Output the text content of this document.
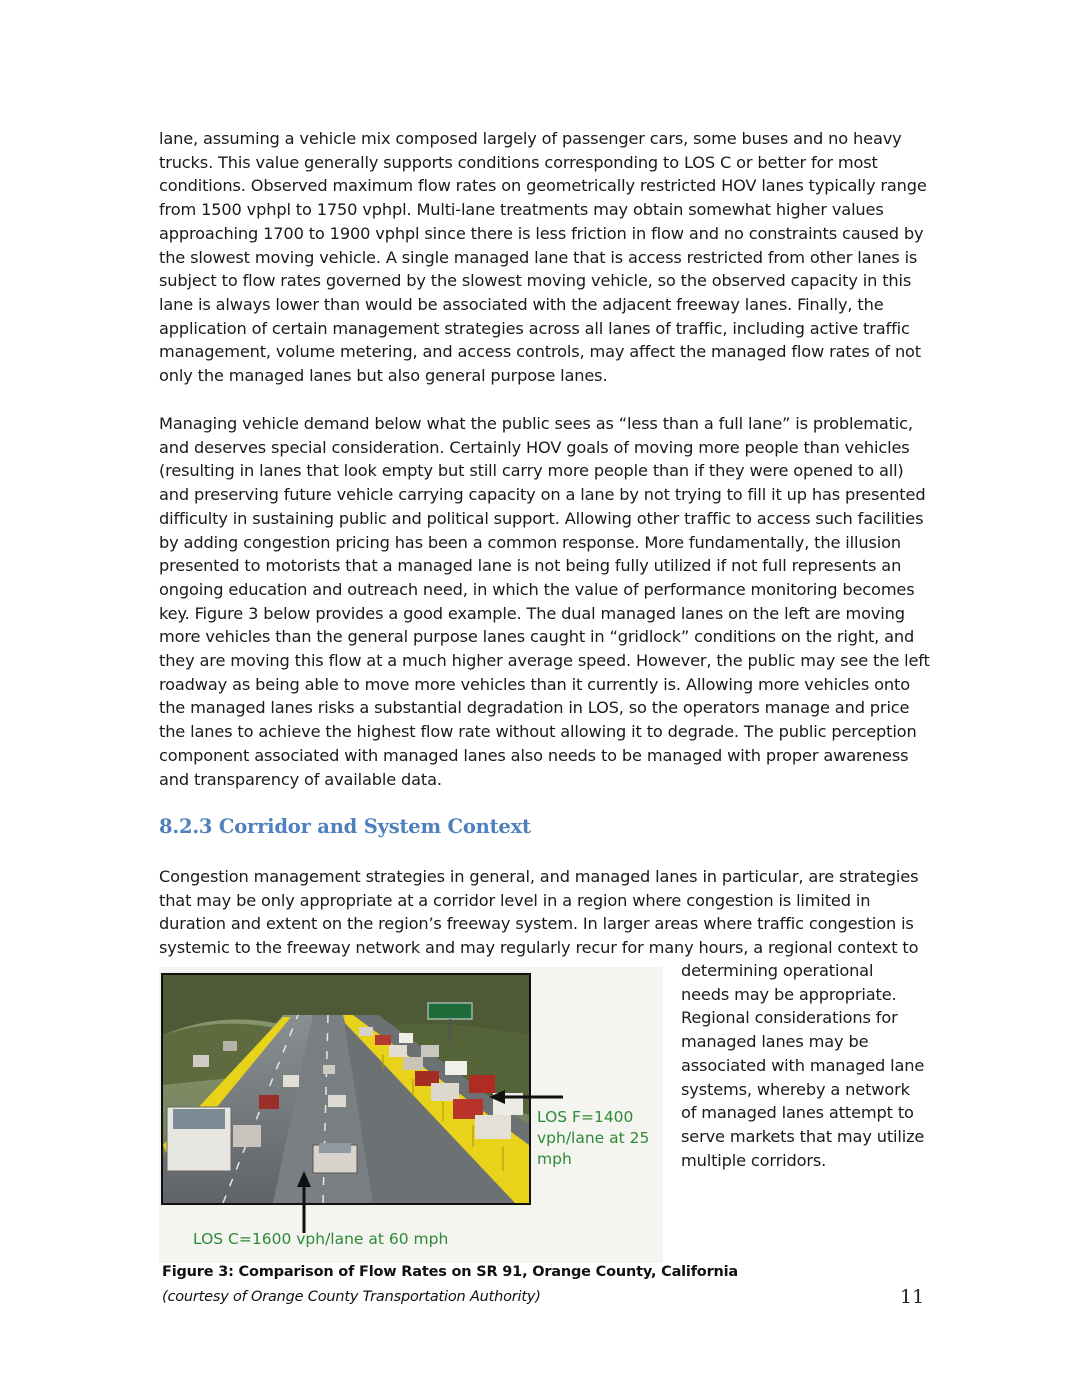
lane, assuming a vehicle mix composed largely of passenger cars, some buses and no heavy
trucks. This value generally supports conditions corresponding to LOS C or better for most
conditions. Observed maximum flow rates on geometrically restricted HOV lanes typically range
from 1500 vphpl to 1750 vphpl. Multi-lane treatments may obtain somewhat higher values
approaching 1700 to 1900 vphpl since there is less friction in flow and no constraints caused by
the slowest moving vehicle. A single managed lane that is access restricted from other lanes is
subject to flow rates governed by the slowest moving vehicle, so the observed capacity in this
lane is always lower than would be associated with the adjacent freeway lanes. Finally, the
application of certain management strategies across all lanes of traffic, including active traffic
management, volume metering, and access controls, may affect the managed flow rates of not
only the managed lanes but also general purpose lanes.

Managing vehicle demand below what the public sees as “less than a full lane” is problematic,
and deserves special consideration. Certainly HOV goals of moving more people than vehicles
(resulting in lanes that look empty but still carry more people than if they were opened to all)
and preserving future vehicle carrying capacity on a lane by not trying to fill it up has presented
difficulty in sustaining public and political support. Allowing other traffic to access such facilities
by adding congestion pricing has been a common response. More fundamentally, the illusion
presented to motorists that a managed lane is not being fully utilized if not full represents an
ongoing education and outreach need, in which the value of performance monitoring becomes
key. Figure 3 below provides a good example. The dual managed lanes on the left are moving
more vehicles than the general purpose lanes caught in “gridlock” conditions on the right, and
they are moving this flow at a much higher average speed. However, the public may see the left
roadway as being able to move more vehicles than it currently is. Allowing more vehicles onto
the managed lanes risks a substantial degradation in LOS, so the operators manage and price
the lanes to achieve the highest flow rate without allowing it to degrade. The public perception
component associated with managed lanes also needs to be managed with proper awareness
and transparency of available data.

8.2.3 Corridor and System Context

Congestion management strategies in general, and managed lanes in particular, are strategies
that may be only appropriate at a corridor level in a region where congestion is limited in
duration and extent on the region’s freeway system. In larger areas where traffic congestion is
systemic to the freeway network and may regularly recur for many hours, a regional context to

determining operational
needs may be appropriate.
Regional considerations for
managed lanes may be
associated with managed lane
systems, whereby a network
of managed lanes attempt to
serve markets that may utilize
multiple corridors.

LOS F=1400
vph/lane at 25
mph
LOS C=1600 vph/lane at 60 mph
Figure 3: Comparison of Flow Rates on SR 91, Orange County, California
(courtesy of Orange County Transportation Authority)	11
